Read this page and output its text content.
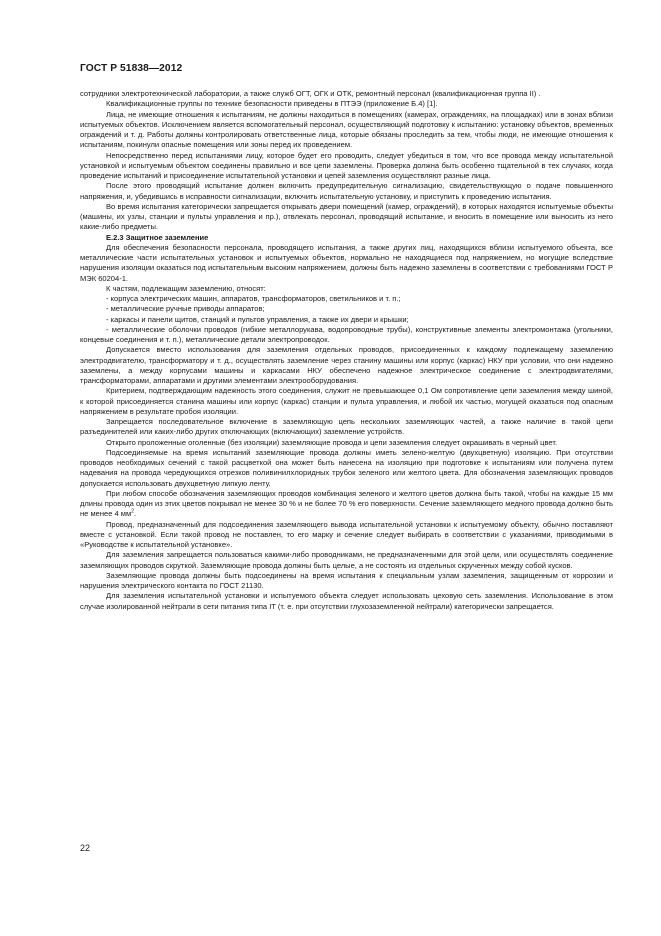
ГОСТ Р 51838—2012

сотрудники электротехнической лаборатории, а также служб ОГТ, ОГК и ОТК, ремонтный персонал (квалификационная группа II) .

Квалификационные группы по технике безопасности приведены в ПТЭЭ (приложение Б.4) [1].

Лица, не имеющие отношения к испытаниям, не должны находиться в помещениях (камерах, ограждениях, на площадках) или в зонах вблизи испытуемых объектов. Исключением является вспомогательный персонал, осуществляющий подготовку к испытанию: установку объектов, временных ограждений и т. д. Работы должны контролировать ответственные лица, которые обязаны проследить за тем, чтобы люди, не имеющие отношения к испытаниям, покинули опасные помещения или зоны перед их проведением.

Непосредственно перед испытаниями лицу, которое будет его проводить, следует убедиться в том, что все провода между испытательной установкой и испытуемым объектом соединены правильно и все цепи заземлены. Проверка должна быть особенно тщательной в тех случаях, когда проведение испытаний и присоединение испытательной установки и цепей заземления осуществляют разные лица.

После этого проводящий испытание должен включить предупредительную сигнализацию, свидетельствующую о подаче повышенного напряжения, и, убедившись в исправности сигнализации, включить испытательную установку, и приступить к проведению испытания.

Во время испытания категорически запрещается открывать двери помещений (камер, ограждений), в которых находятся испытуемые объекты (машины, их узлы, станции и пульты управления и пр.), отвлекать персонал, проводящий испытание, и вносить в помещение или выносить из него какие-либо предметы.

Е.2.3 Защитное заземление

Для обеспечения безопасности персонала, проводящего испытания, а также других лиц, находящихся вблизи испытуемого объекта, все металлические части испытательных установок и испытуемых объектов, нормально не находящиеся под напряжением, но могущие вследствие нарушения изоляции оказаться под испытательным высоким напряжением, должны быть надежно заземлены в соответствии с требованиями ГОСТ Р МЭК 60204-1.

К частям, подлежащим заземлению, относят:

- корпуса электрических машин, аппаратов, трансформаторов, светильников и т. п.;

- металлические ручные приводы аппаратов;

- каркасы и панели щитов, станций и пультов управления, а также их двери и крышки;

- металлические оболочки проводов (гибкие металлорукава, водопроводные трубы), конструктивные элементы электромонтажа (угольники, концевые соединения и т. п.), металлические детали электропроводок.

Допускается вместо использования для заземления отдельных проводов, присоединенных к каждому подлежащему заземлению электродвигателю, трансформатору и т. д., осуществлять заземление через станину машины или корпус (каркас) НКУ при условии, что они надежно заземлены, а между корпусами машины и каркасами НКУ обеспечено надежное электрическое соединение с электродвигателями, трансформаторами, аппаратами и другими элементами электрооборудования.

Критерием, подтверждающим надежность этого соединения, служит не превышающее 0,1 Ом сопротивление цепи заземления между шиной, к которой присоединяется станина машины или корпус (каркас) станции и пульта управления, и любой их частью, могущей оказаться под опасным напряжением в результате пробоя изоляции.

Запрещается последовательное включение в заземляющую цепь нескольких заземляющих частей, а также наличие в такой цепи разъединителей или каких-либо других отключающих (включающих) заземление устройств.

Открыто проложенные оголенные (без изоляции) заземляющие провода и цепи заземления следует окрашивать в черный цвет.

Подсоединяемые на время испытаний заземляющие провода должны иметь зелено-желтую (двухцветную) изоляцию. При отсутствии проводов необходимых сечений с такой расцветкой она может быть нанесена на изоляцию при подготовке к испытаниям или получена путем надевания на провода чередующихся отрезков поливинилхлоридных трубок зеленого или желтого цвета. Для обозначения заземляющих проводов допускается использовать двухцветную липкую ленту.

При любом способе обозначения заземляющих проводов комбинация зеленого и желтого цветов должна быть такой, чтобы на каждые 15 мм длины провода один из этих цветов покрывал не менее 30 % и не более 70 % его поверхности. Сечение заземляющего медного провода должно быть не менее 4 $мм^2$.

Провод, предназначенный для подсоединения заземляющего вывода испытательной установки к испытуемому объекту, обычно поставляют вместе с установкой. Если такой провод не поставлен, то его марку и сечение следует выбирать в соответствии с указаниями, приводимыми в «Руководстве к испытательной установке».

Для заземления запрещается пользоваться какими-либо проводниками, не предназначенными для этой цели, или осуществлять соединение заземляющих проводов скруткой. Заземляющие провода должны быть целые, а не состоять из отдельных скрученных между собой кусков.

Заземляющие провода должны быть подсоединены на время испытания к специальным узлам заземления, защищенным от коррозии и нарушения электрического контакта по ГОСТ 21130.

Для заземления испытательной установки и испытуемого объекта следует использовать цеховую сеть заземления. Использование в этом случае изолированной нейтрали в сети питания типа IT (т. е. при отсутствии глухозаземленной нейтрали) категорически запрещается.

22
